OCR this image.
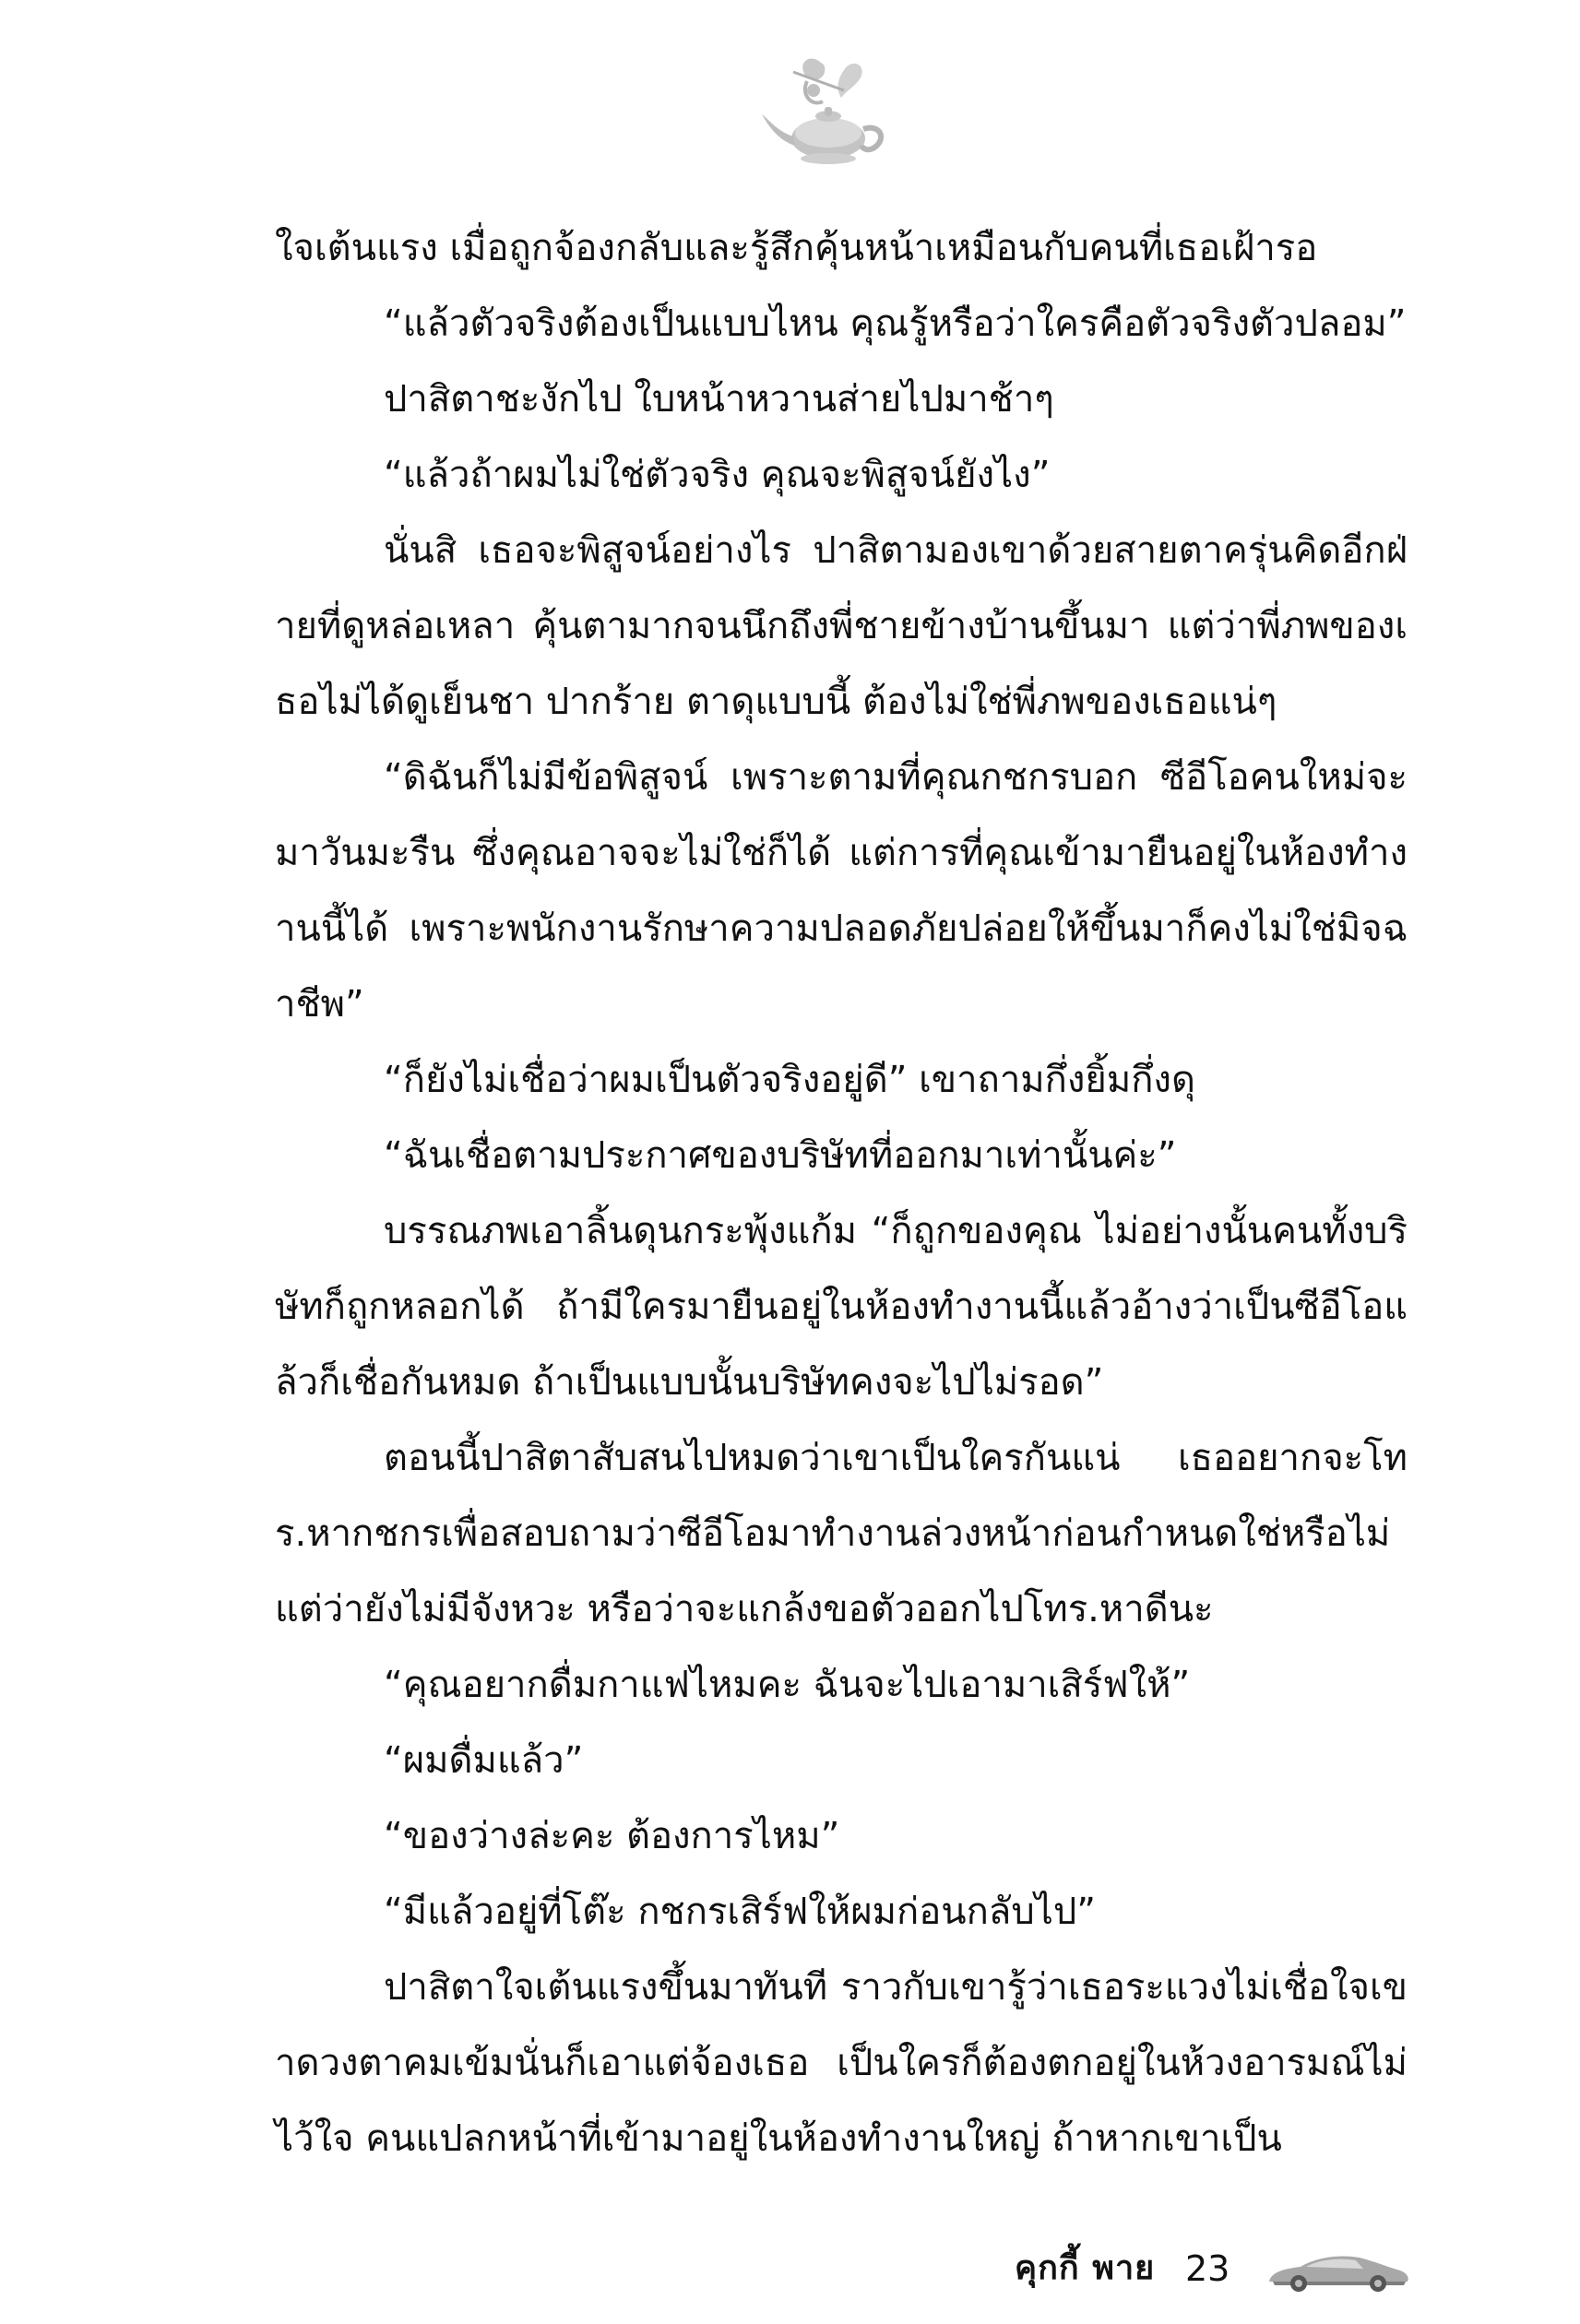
ใจเต้นแรง เมื่อถูกจ้องกลับและรู้สึกคุ้นหน้าเหมือนกับคนที่เธอเฝ้ารอ

“แล้วตัวจริงต้องเป็นแบบไหน คุณรู้หรือว่าใครคือตัวจริงตัวปลอม”

ปาสิตาชะงักไป ใบหน้าหวานส่ายไปมาช้าๆ

“แล้วถ้าผมไม่ใช่ตัวจริง คุณจะพิสูจน์ยังไง”

นั่นสิ เธอจะพิสูจน์อย่างไร ปาสิตามองเขาด้วยสายตาครุ่นคิดอีกฝ่ายที่ดูหล่อเหลา คุ้นตามากจนนึกถึงพี่ชายข้างบ้านขึ้นมา แต่ว่าพี่ภพของเธอไม่ได้ดูเย็นชา ปากร้าย ตาดุแบบนี้ ต้องไม่ใช่พี่ภพของเธอแน่ๆ

“ดิฉันก็ไม่มีข้อพิสูจน์ เพราะตามที่คุณกชกรบอก ซีอีโอคนใหม่จะมาวันมะรืน ซึ่งคุณอาจจะไม่ใช่ก็ได้ แต่การที่คุณเข้ามายืนอยู่ในห้องทำงานนี้ได้ เพราะพนักงานรักษาความปลอดภัยปล่อยให้ขึ้นมาก็คงไม่ใช่มิจฉาชีพ”

“ก็ยังไม่เชื่อว่าผมเป็นตัวจริงอยู่ดี” เขาถามกึ่งยิ้มกึ่งดุ

“ฉันเชื่อตามประกาศของบริษัทที่ออกมาเท่านั้นค่ะ”

บรรณภพเอาลิ้นดุนกระพุ้งแก้ม “ก็ถูกของคุณ ไม่อย่างนั้นคนทั้งบริษัทก็ถูกหลอกได้ ถ้ามีใครมายืนอยู่ในห้องทำงานนี้แล้วอ้างว่าเป็นซีอีโอแล้วก็เชื่อกันหมด ถ้าเป็นแบบนั้นบริษัทคงจะไปไม่รอด”

ตอนนี้ปาสิตาสับสนไปหมดว่าเขาเป็นใครกันแน่ เธออยากจะโทร.หากชกรเพื่อสอบถามว่าซีอีโอมาทำงานล่วงหน้าก่อนกำหนดใช่หรือไม่แต่ว่ายังไม่มีจังหวะ หรือว่าจะแกล้งขอตัวออกไปโทร.หาดีนะ

“คุณอยากดื่มกาแฟไหมคะ ฉันจะไปเอามาเสิร์ฟให้”

“ผมดื่มแล้ว”

“ของว่างล่ะคะ ต้องการไหม”

“มีแล้วอยู่ที่โต๊ะ กชกรเสิร์ฟให้ผมก่อนกลับไป”

ปาสิตาใจเต้นแรงขึ้นมาทันที ราวกับเขารู้ว่าเธอระแวงไม่เชื่อใจเขาดวงตาคมเข้มนั่นก็เอาแต่จ้องเธอ เป็นใครก็ต้องตกอยู่ในห้วงอารมณ์ไม่ไว้ใจ คนแปลกหน้าที่เข้ามาอยู่ในห้องทำงานใหญ่ ถ้าหากเขาเป็น

คุกกี้ พาย 23
